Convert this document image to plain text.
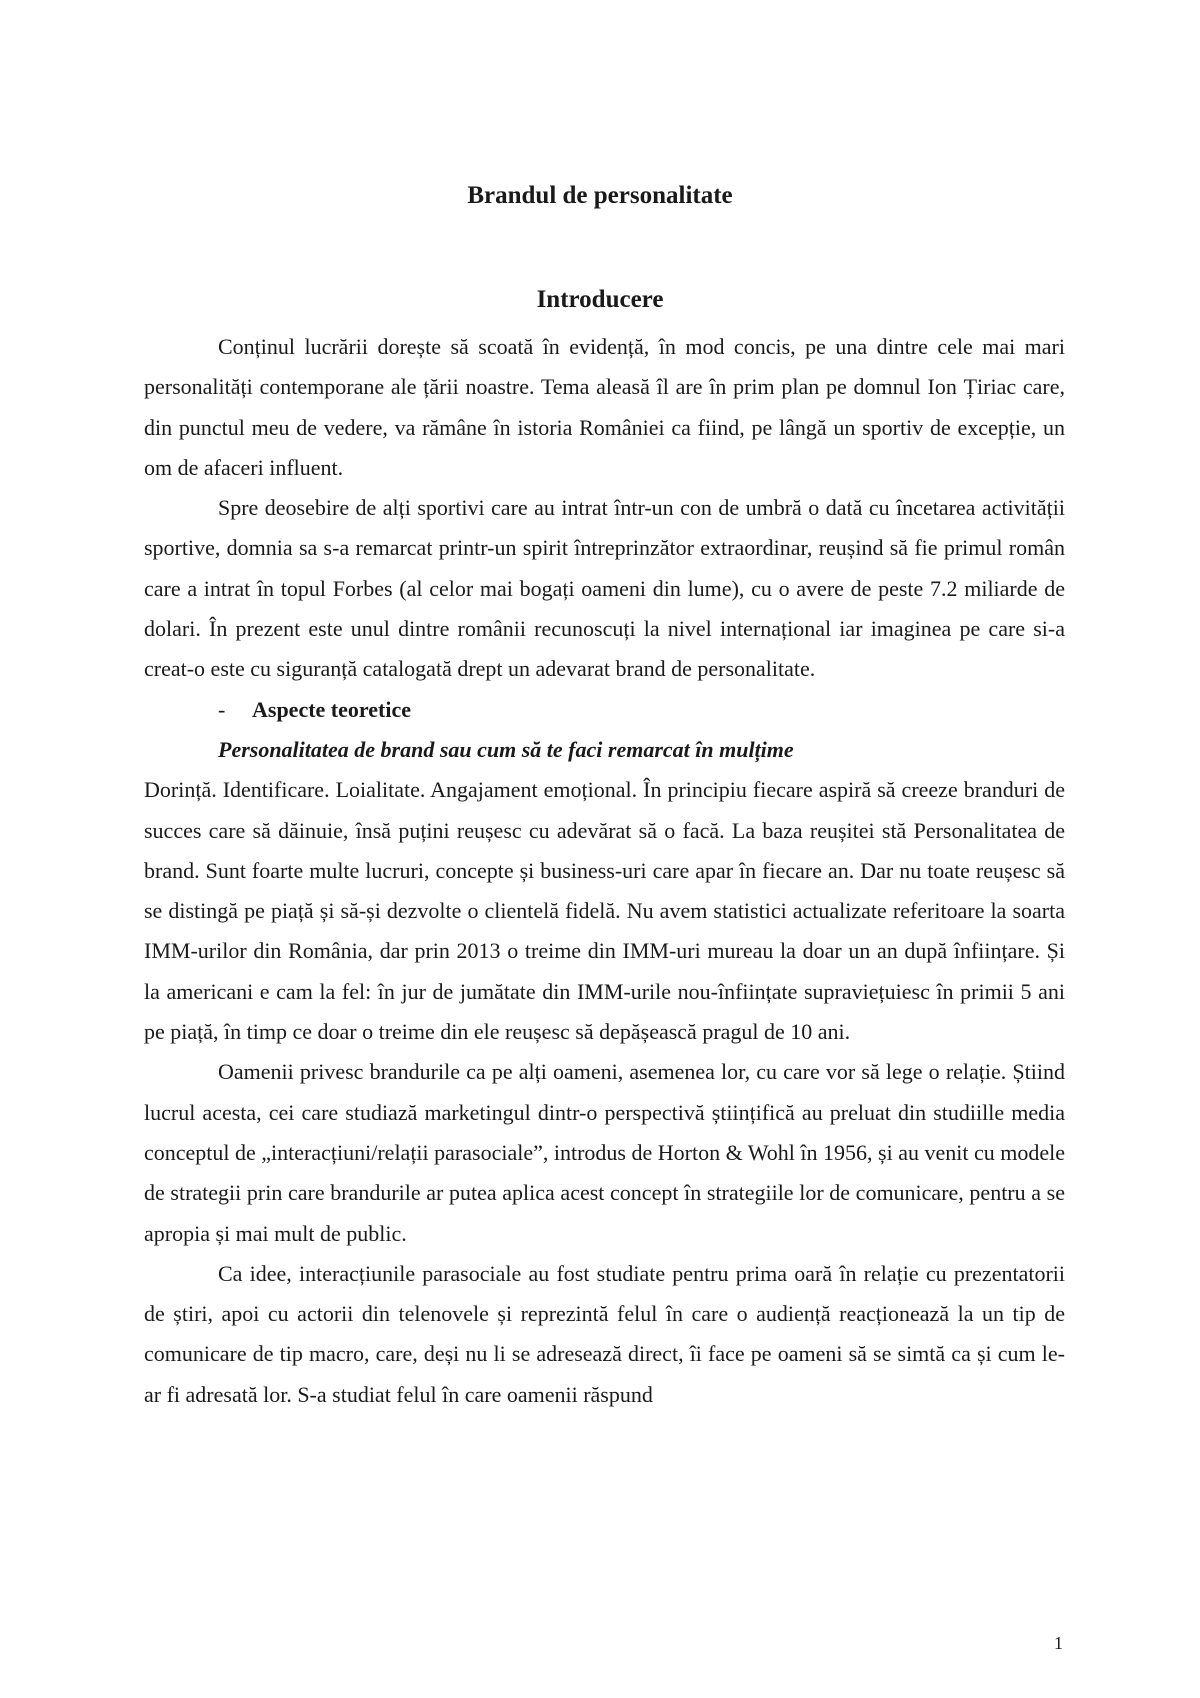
Brandul de personalitate
Introducere

Conținul lucrării dorește să scoată în evidență, în mod concis, pe una dintre cele mai mari personalități contemporane ale țării noastre. Tema aleasă îl are în prim plan pe domnul Ion Țiriac care, din punctul meu de vedere, va rămâne în istoria României ca fiind, pe lângă un sportiv de excepție, un om de afaceri influent.

Spre deosebire de alți sportivi care au intrat într-un con de umbră o dată cu încetarea activității sportive, domnia sa s-a remarcat printr-un spirit întreprinzător extraordinar, reușind să fie primul român care a intrat în topul Forbes (al celor mai bogați oameni din lume), cu o avere de peste 7.2 miliarde de dolari. În prezent este unul dintre românii recunoscuți la nivel internațional iar imaginea pe care si-a creat-o este cu siguranță catalogată drept un adevarat brand de personalitate.

- Aspecte teoretice
Personalitatea de brand sau cum să te faci remarcat în mulțime

Dorință. Identificare. Loialitate. Angajament emoțional. În principiu fiecare aspiră să creeze branduri de succes care să dăinuie, însă puțini reușesc cu adevărat să o facă. La baza reușitei stă Personalitatea de brand. Sunt foarte multe lucruri, concepte și business-uri care apar în fiecare an. Dar nu toate reușesc să se distingă pe piață și să-și dezvolte o clientelă fidelă. Nu avem statistici actualizate referitoare la soarta IMM-urilor din România, dar prin 2013 o treime din IMM-uri mureau la doar un an după înființare. Și la americani e cam la fel: în jur de jumătate din IMM-urile nou-înființate supraviețuiesc în primii 5 ani pe piață, în timp ce doar o treime din ele reușesc să depășească pragul de 10 ani.

Oamenii privesc brandurile ca pe alți oameni, asemenea lor, cu care vor să lege o relație. Știind lucrul acesta, cei care studiază marketingul dintr-o perspectivă științifică au preluat din studiille media conceptul de „interacțiuni/relații parasociale”, introdus de Horton & Wohl în 1956, și au venit cu modele de strategii prin care brandurile ar putea aplica acest concept în strategiile lor de comunicare, pentru a se apropia și mai mult de public.

Ca idee, interacțiunile parasociale au fost studiate pentru prima oară în relație cu prezentatorii de știri, apoi cu actorii din telenovele și reprezintă felul în care o audiență reacționează la un tip de comunicare de tip macro, care, deși nu li se adresează direct, îi face pe oameni să se simtă ca și cum le-ar fi adresată lor. S-a studiat felul în care oamenii răspund

1
